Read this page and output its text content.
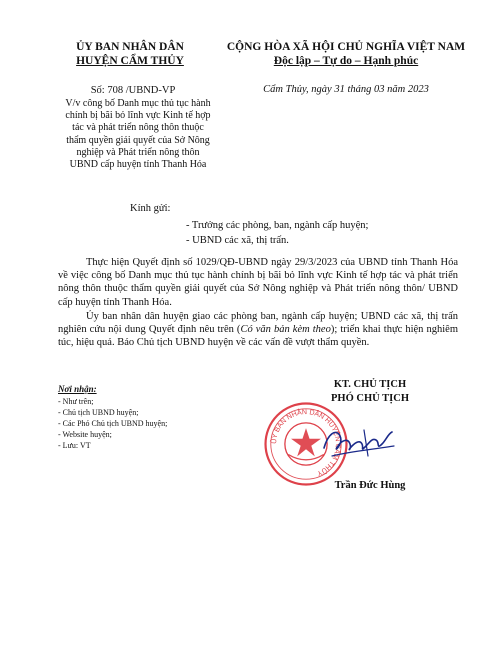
ỦY BAN NHÂN DÂN
HUYỆN CẨM THỦY
Số: 708 /UBND-VP
V/v công bố Danh mục thủ tục hành
chính bị bãi bỏ lĩnh vực Kinh tế hợp
tác và phát triển nông thôn thuộc
thẩm quyền giải quyết của Sở Nông
nghiệp và Phát triển nông thôn
UBND cấp huyện tỉnh Thanh Hóa
CỘNG HÒA XÃ HỘI CHỦ NGHĨA VIỆT NAM
Độc lập – Tự do – Hạnh phúc
Cẩm Thủy, ngày 31 tháng 03 năm 2023
Kính gửi:
- Trưởng các phòng, ban, ngành cấp huyện;
- UBND các xã, thị trấn.
Thực hiện Quyết định số 1029/QĐ-UBND ngày 29/3/2023 của UBND tỉnh Thanh Hóa về việc công bố Danh mục thủ tục hành chính bị bãi bỏ lĩnh vực Kinh tế hợp tác và phát triển nông thôn thuộc thẩm quyền giải quyết của Sở Nông nghiệp và Phát triển nông thôn/ UBND cấp huyện tỉnh Thanh Hóa.
Ủy ban nhân dân huyện giao các phòng ban, ngành cấp huyện; UBND các xã, thị trấn nghiên cứu nội dung Quyết định nêu trên (Có văn bản kèm theo); triển khai thực hiện nghiêm túc, hiệu quả. Báo Chủ tịch UBND huyện về các vấn đề vượt thẩm quyền.
Nơi nhận:
- Như trên;
- Chủ tịch UBND huyện;
- Các Phó Chủ tịch UBND huyện;
- Website huyện;
- Lưu: VT
KT. CHỦ TỊCH
PHÓ CHỦ TỊCH
ỦY BAN NHÂN DÂN HUYỆN CẨM THỦY
Trần Đức Hùng
